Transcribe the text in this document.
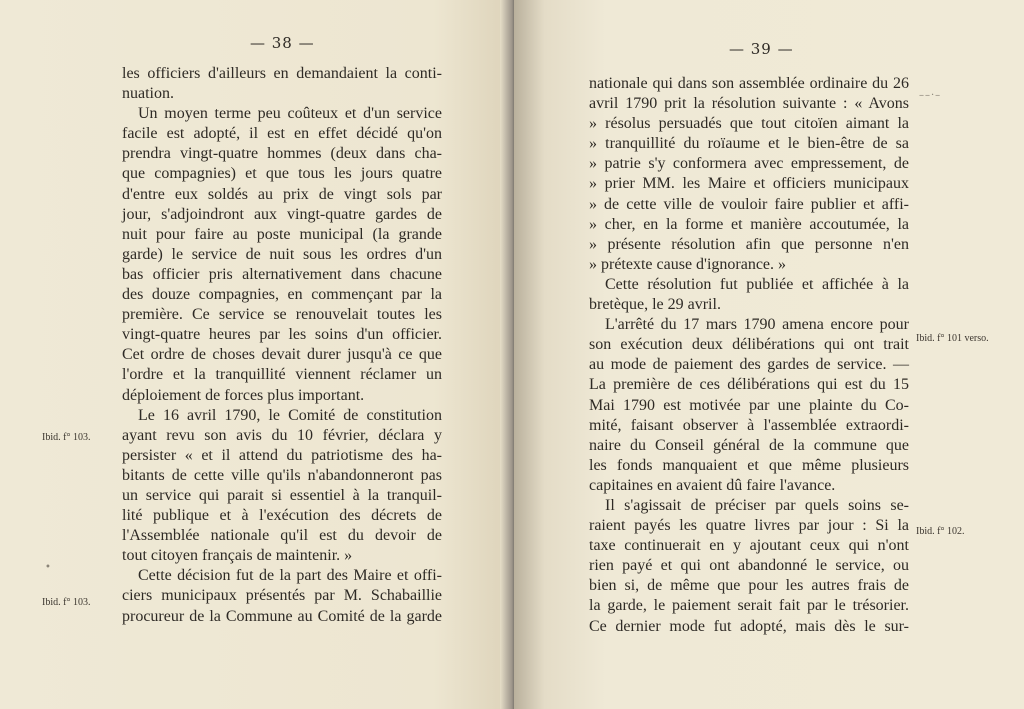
— 38 —
les officiers d'ailleurs en demandaient la conti-
nuation.
Un moyen terme peu coûteux et d'un service
facile est adopté, il est en effet décidé qu'on
prendra vingt-quatre hommes (deux dans cha-
que compagnies) et que tous les jours quatre
d'entre eux soldés au prix de vingt sols par
jour, s'adjoindront aux vingt-quatre gardes de
nuit pour faire au poste municipal (la grande
garde) le service de nuit sous les ordres d'un
bas officier pris alternativement dans chacune
des douze compagnies, en commençant par la
première. Ce service se renouvelait toutes les
vingt-quatre heures par les soins d'un officier.
Cet ordre de choses devait durer jusqu'à ce que
l'ordre et la tranquillité viennent réclamer un
déploiement de forces plus important.
Le 16 avril 1790, le Comité de constitution
ayant revu son avis du 10 février, déclara y
persister « et il attend du patriotisme des ha-
bitants de cette ville qu'ils n'abandonneront pas
un service qui parait si essentiel à la tranquil-
lité publique et à l'exécution des décrets de
l'Assemblée nationale qu'il est du devoir de
tout citoyen français de maintenir. »
Cette décision fut de la part des Maire et offi-
ciers municipaux présentés par M. Schabaillie
procureur de la Commune au Comité de la garde
Ibid. f° 103.
Ibid. f° 103.
•
— 39 —
nationale qui dans son assemblée ordinaire du 26
avril 1790 prit la résolution suivante : « Avons
» résolus persuadés que tout citoïen aimant la
» tranquillité du roïaume et le bien-être de sa
» patrie s'y conformera avec empressement, de
» prier MM. les Maire et officiers municipaux
» de cette ville de vouloir faire publier et affi-
» cher, en la forme et manière accoutumée, la
» présente résolution afin que personne n'en
» prétexte cause d'ignorance. »
Cette résolution fut publiée et affichée à la
bretèque, le 29 avril.
L'arrêté du 17 mars 1790 amena encore pour
son exécution deux délibérations qui ont trait
au mode de paiement des gardes de service. —
La première de ces délibérations qui est du 15
Mai 1790 est motivée par une plainte du Co-
mité, faisant observer à l'assemblée extraordi-
naire du Conseil général de la commune que
les fonds manquaient et que même plusieurs
capitaines en avaient dû faire l'avance.
Il s'agissait de préciser par quels soins se-
raient payés les quatre livres par jour : Si la
taxe continuerait en y ajoutant ceux qui n'ont
rien payé et qui ont abandonné le service, ou
bien si, de même que pour les autres frais de
la garde, le paiement serait fait par le trésorier.
Ce dernier mode fut adopté, mais dès le sur-
Ibid. f° 101 verso.
Ibid. f° 102.
––·–
